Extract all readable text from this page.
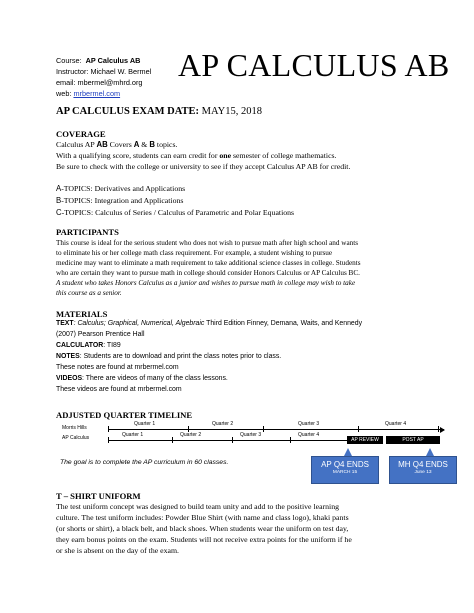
Course: AP Calculus AB
Instructor: Michael W. Bermel
email: mbermel@mhrd.org
web: mrbermel.com
AP CALCULUS AB
AP CALCULUS EXAM DATE: MAY15, 2018
COVERAGE
Calculus AP AB Covers A & B topics.
With a qualifying score, students can earn credit for one semester of college mathematics.
Be sure to check with the college or university to see if they accept Calculus AP AB for credit.
A-TOPICS: Derivatives and Applications
B-TOPICS: Integration and Applications
C-TOPICS: Calculus of Series / Calculus of Parametric and Polar Equations
PARTICIPANTS
This course is ideal for the serious student who does not wish to pursue math after high school and wants
to eliminate his or her college math class requirement. For example, a student wishing to pursue
medicine may want to eliminate a math requirement to take additional science classes in college. Students
who are certain they want to pursue math in college should consider Honors Calculus or AP Calculus BC.
A student who takes Honors Calculus as a junior and wishes to pursue math in college may wish to take
this course as a senior.
MATERIALS
TEXT: Calculus; Graphical, Numerical, Algebraic Third Edition Finney, Demana, Waits, and Kennedy
(2007) Pearson Prentice Hall
CALCULATOR: TI89
NOTES: Students are to download and print the class notes prior to class.
These notes are found at mrbermel.com
VIDEOS: There are videos of many of the class lessons.
These videos are found at mrbermel.com
ADJUSTED QUARTER TIMELINE
Morris Hills
AP Calculus
Quarter 1	Quarter 2	Quarter 3	Quarter 4
Quarter 1	Quarter 2	Quarter 3	Quarter 4
AP REVIEW	POST AP
The goal is to complete the AP curriculum in 60 classes.	AP Q4 ENDS
MARCH 15
MH Q4 ENDS
June 13
T – SHIRT UNIFORM
The test uniform concept was designed to build team unity and add to the positive learning
culture. The test uniform includes: Powder Blue Shirt (with name and class logo), khaki pants
(or shorts or shirt), a black belt, and black shoes. When students wear the uniform on test day,
they earn bonus points on the exam. Students will not receive extra points for the uniform if he
or she is absent on the day of the exam.
